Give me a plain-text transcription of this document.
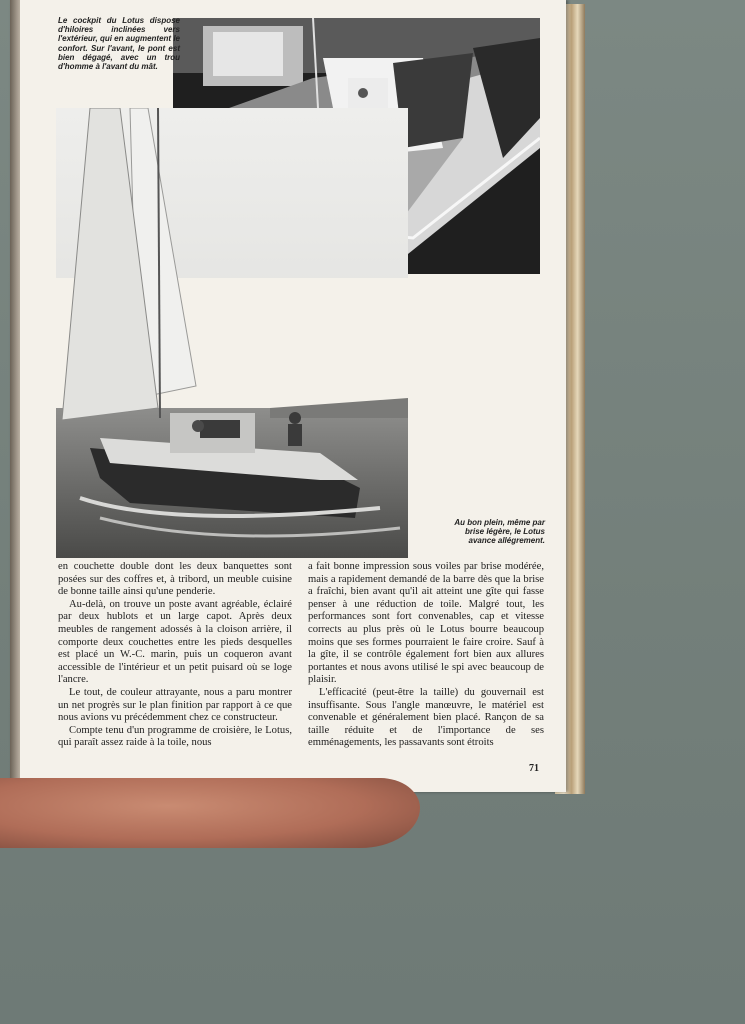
Le cockpit du Lotus dispose d'hiloires inclinées vers l'extérieur, qui en augmentent le confort. Sur l'avant, le pont est bien dégagé, avec un trou d'homme à l'avant du mât.
Au bon plein, même par brise légère, le Lotus avance allégrement.

en couchette double dont les deux banquettes sont posées sur des coffres et, à tribord, un meuble cuisine de bonne taille ainsi qu'une penderie.

Au-delà, on trouve un poste avant agréable, éclairé par deux hublots et un large capot. Après deux meubles de rangement adossés à la cloison arrière, il comporte deux couchettes entre les pieds desquelles est placé un W.-C. marin, puis un coqueron avant accessible de l'intérieur et un petit puisard où se loge l'ancre.

Le tout, de couleur attrayante, nous a paru montrer un net progrès sur le plan finition par rapport à ce que nous avions vu précédemment chez ce constructeur.

Compte tenu d'un programme de croisière, le Lotus, qui paraît assez raide à la toile, nous

a fait bonne impression sous voiles par brise modérée, mais a rapidement demandé de la barre dès que la brise a fraîchi, bien avant qu'il ait atteint une gîte qui fasse penser à une réduction de toile. Malgré tout, les performances sont fort convenables, cap et vitesse corrects au plus près où le Lotus bourre beaucoup moins que ses formes pourraient le faire croire. Sauf à la gîte, il se contrôle également fort bien aux allures portantes et nous avons utilisé le spi avec beaucoup de plaisir.

L'efficacité (peut-être la taille) du gouvernail est insuffisante. Sous l'angle manœuvre, le matériel est convenable et généralement bien placé. Rançon de sa taille réduite et de l'importance de ses emménagements, les passavants sont étroits

71
